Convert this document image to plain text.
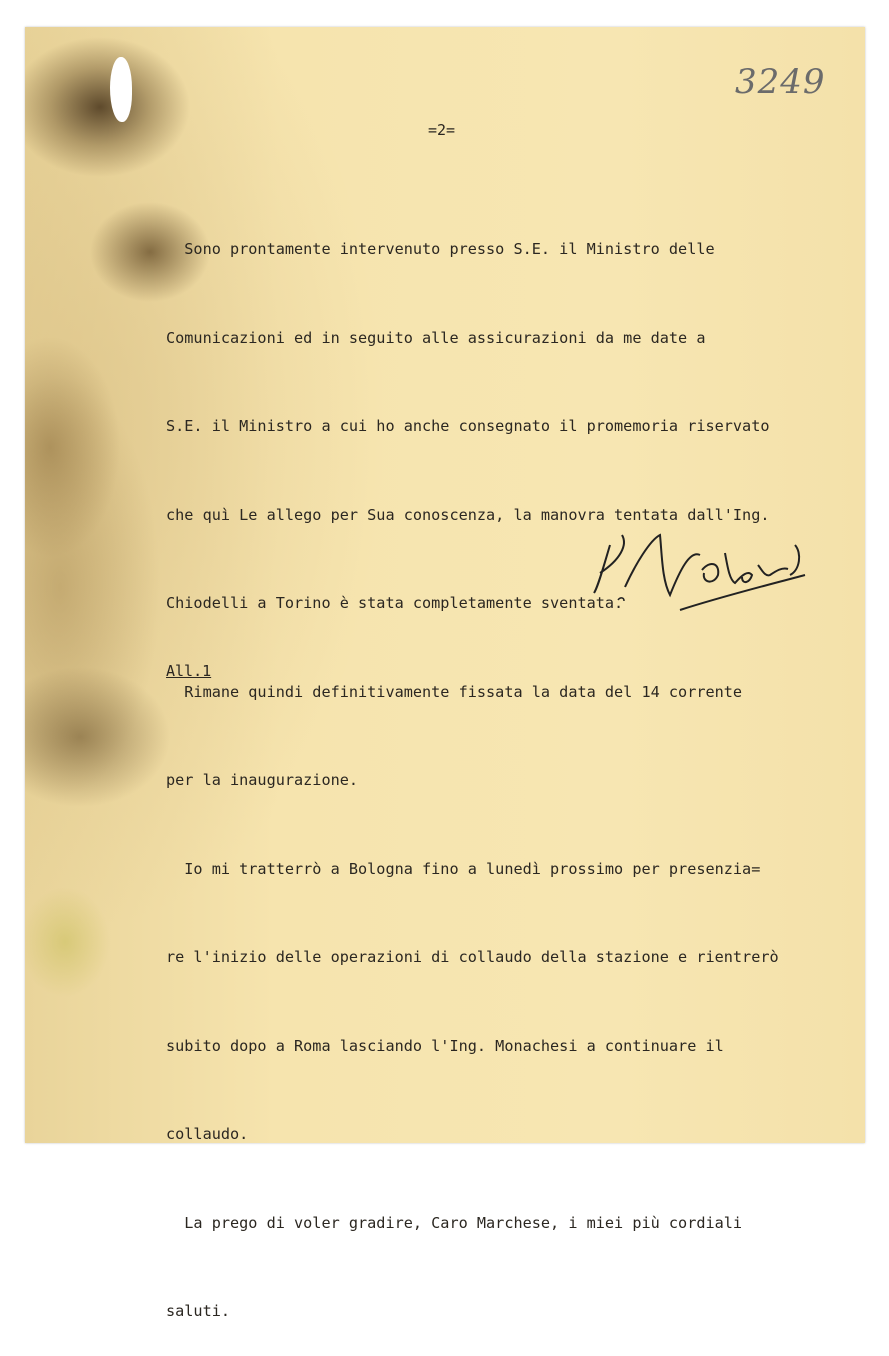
3249
=2=

Sono prontamente intervenuto presso S.E. il Ministro delle

Comunicazioni ed in seguito alle assicurazioni da me date a

S.E. il Ministro a cui ho anche consegnato il promemoria riservato

che quì Le allego per Sua conoscenza, la manovra tentata dall'Ing.

Chiodelli a Torino è stata completamente sventata.

Rimane quindi definitivamente fissata la data del 14 corrente

per la inaugurazione.

Io mi tratterrò a Bologna fino a lunedì prossimo per presenzia=

re l'inizio delle operazioni di collaudo della stazione e rientrerò

subito dopo a Roma lasciando l'Ing. Monachesi a continuare il

collaudo.

La prego di voler gradire, Caro Marchese, i miei più cordiali

saluti.

All.1
